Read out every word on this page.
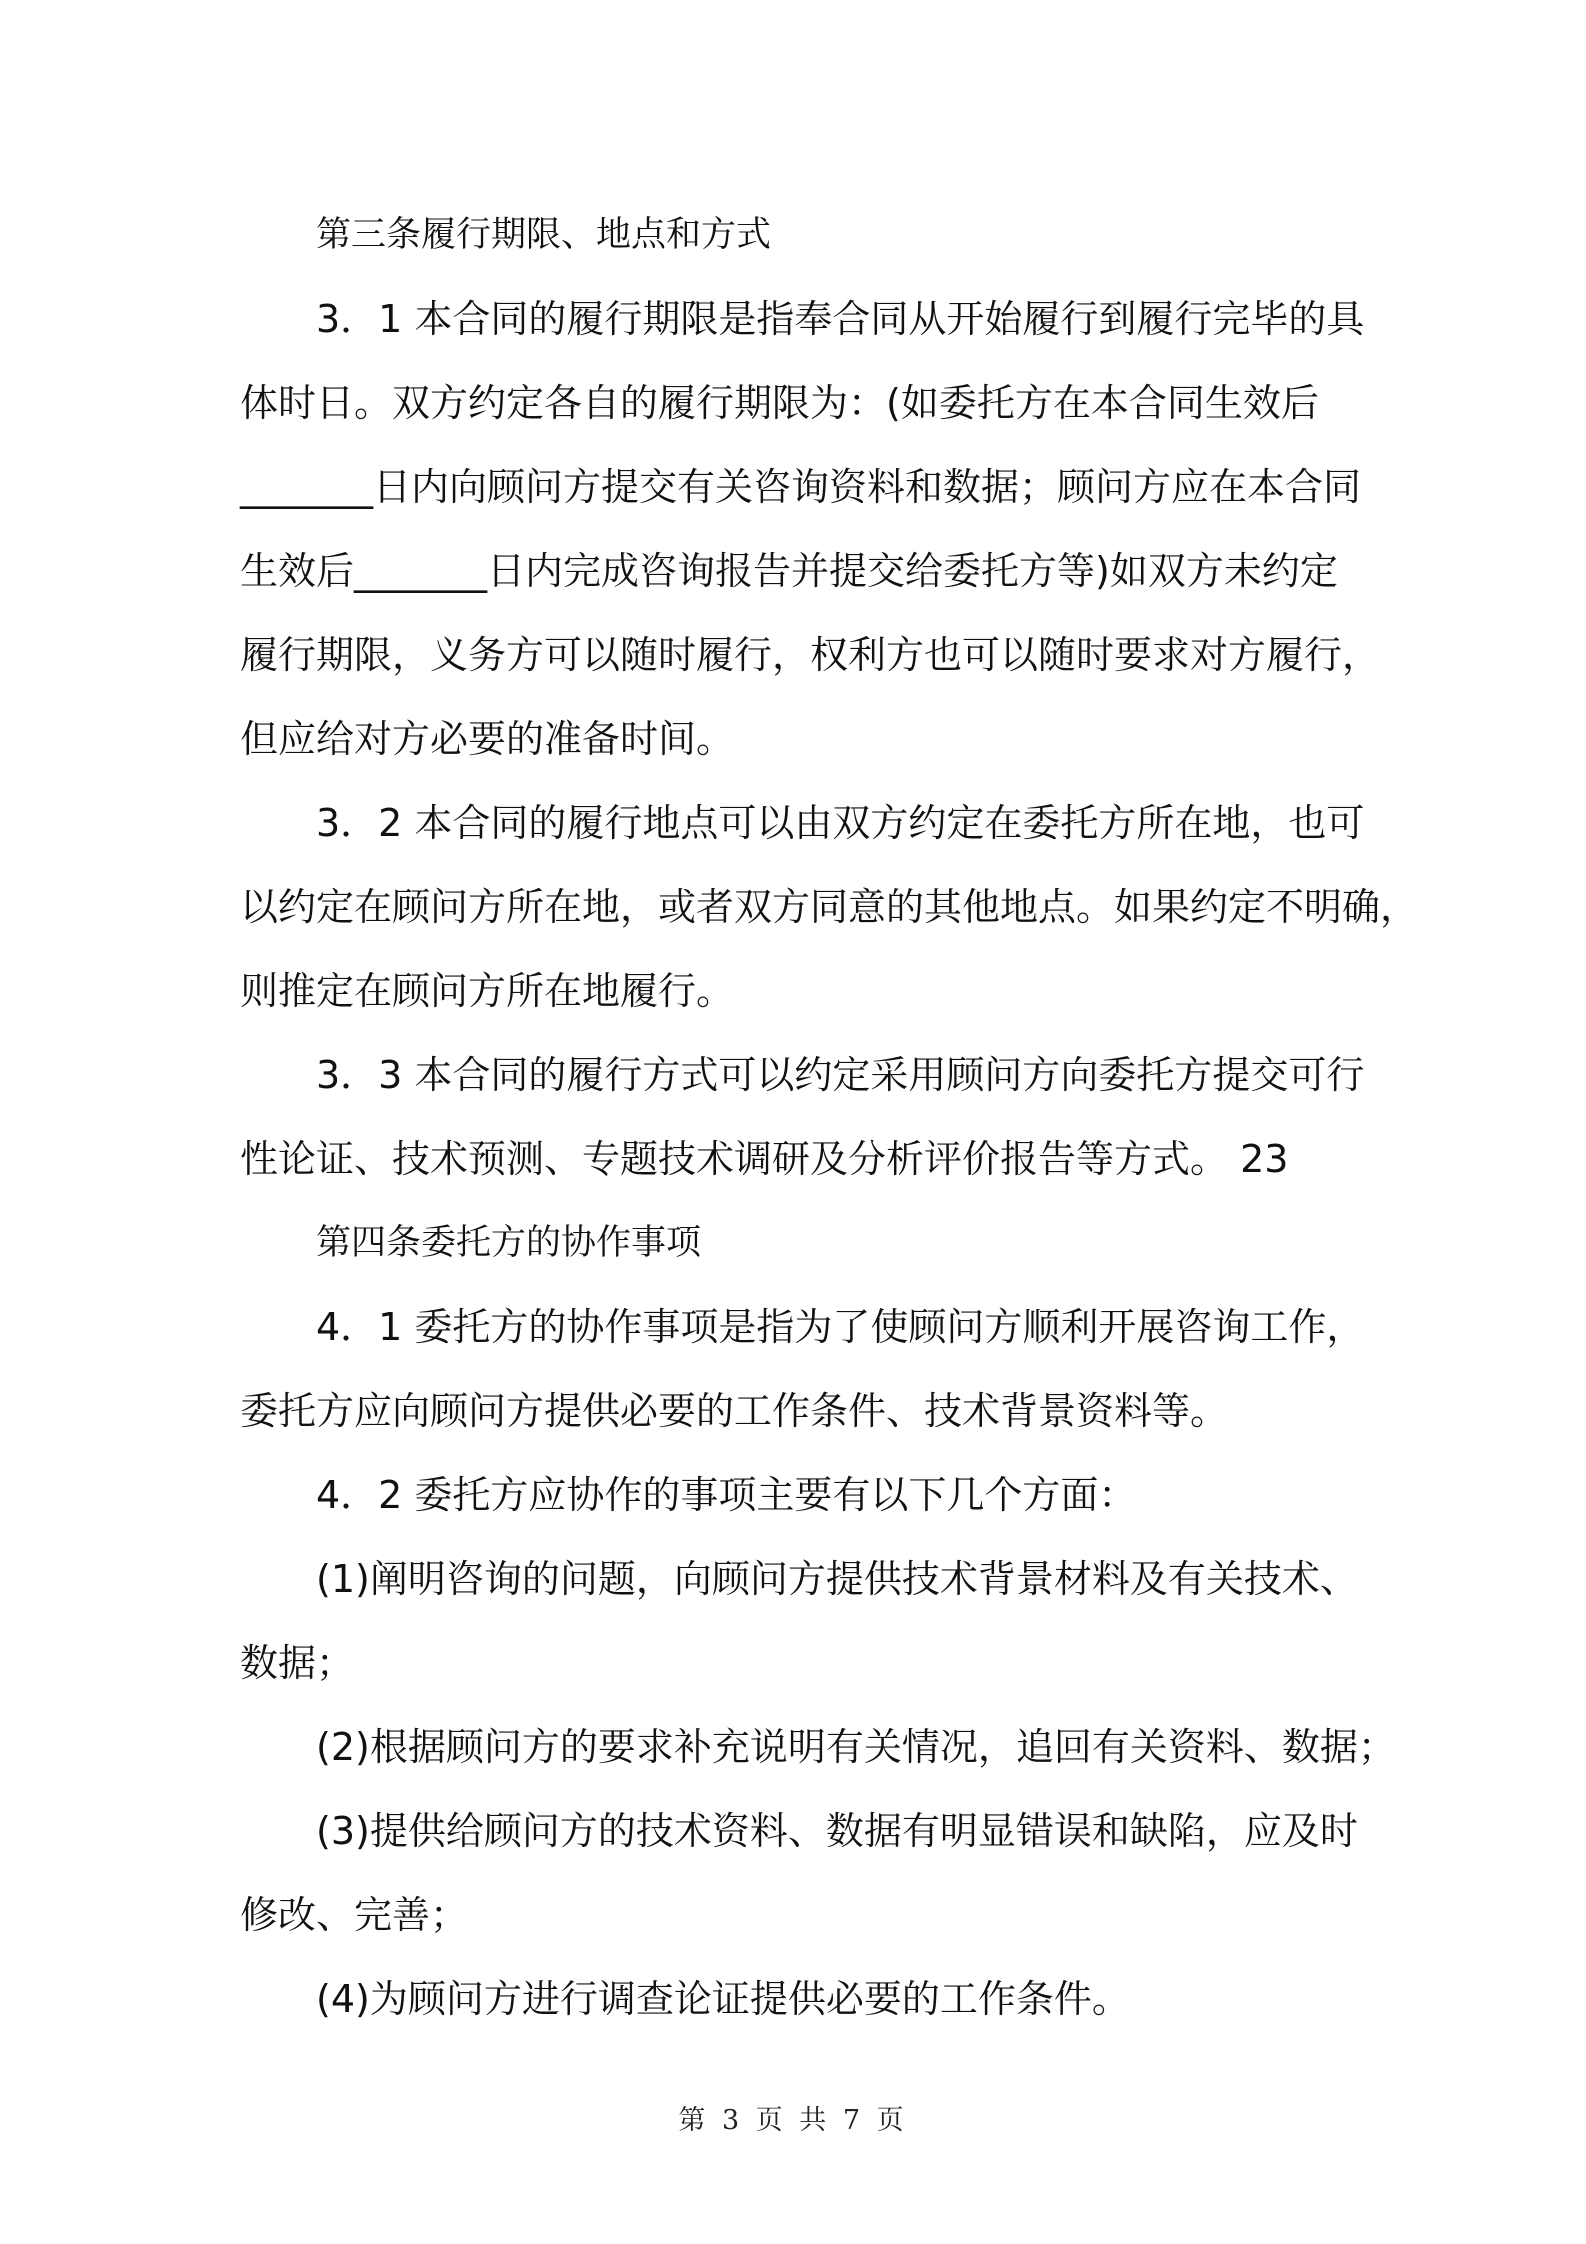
第三条履行期限、地点和方式
3．1 本合同的履行期限是指奉合同从开始履行到履行完毕的具
体时日。双方约定各自的履行期限为：(如委托方在本合同生效后
_______日内向顾问方提交有关咨询资料和数据；顾问方应在本合同
生效后_______日内完成咨询报告并提交给委托方等)如双方未约定
履行期限，义务方可以随时履行，权利方也可以随时要求对方履行，
但应给对方必要的准备时间。
3．2 本合同的履行地点可以由双方约定在委托方所在地，也可
以约定在顾问方所在地，或者双方同意的其他地点。如果约定不明确，
则推定在顾问方所在地履行。
3．3 本合同的履行方式可以约定采用顾问方向委托方提交可行
性论证、技术预测、专题技术调研及分析评价报告等方式。 23
第四条委托方的协作事项
4．1 委托方的协作事项是指为了使顾问方顺利开展咨询工作，
委托方应向顾问方提供必要的工作条件、技术背景资料等。
4．2 委托方应协作的事项主要有以下几个方面：
(1)阐明咨询的问题，向顾问方提供技术背景材料及有关技术、
数据；
(2)根据顾问方的要求补充说明有关情况，追回有关资料、数据；
(3)提供给顾问方的技术资料、数据有明显错误和缺陷，应及时
修改、完善；
(4)为顾问方进行调查论证提供必要的工作条件。
第 3 页 共 7 页
